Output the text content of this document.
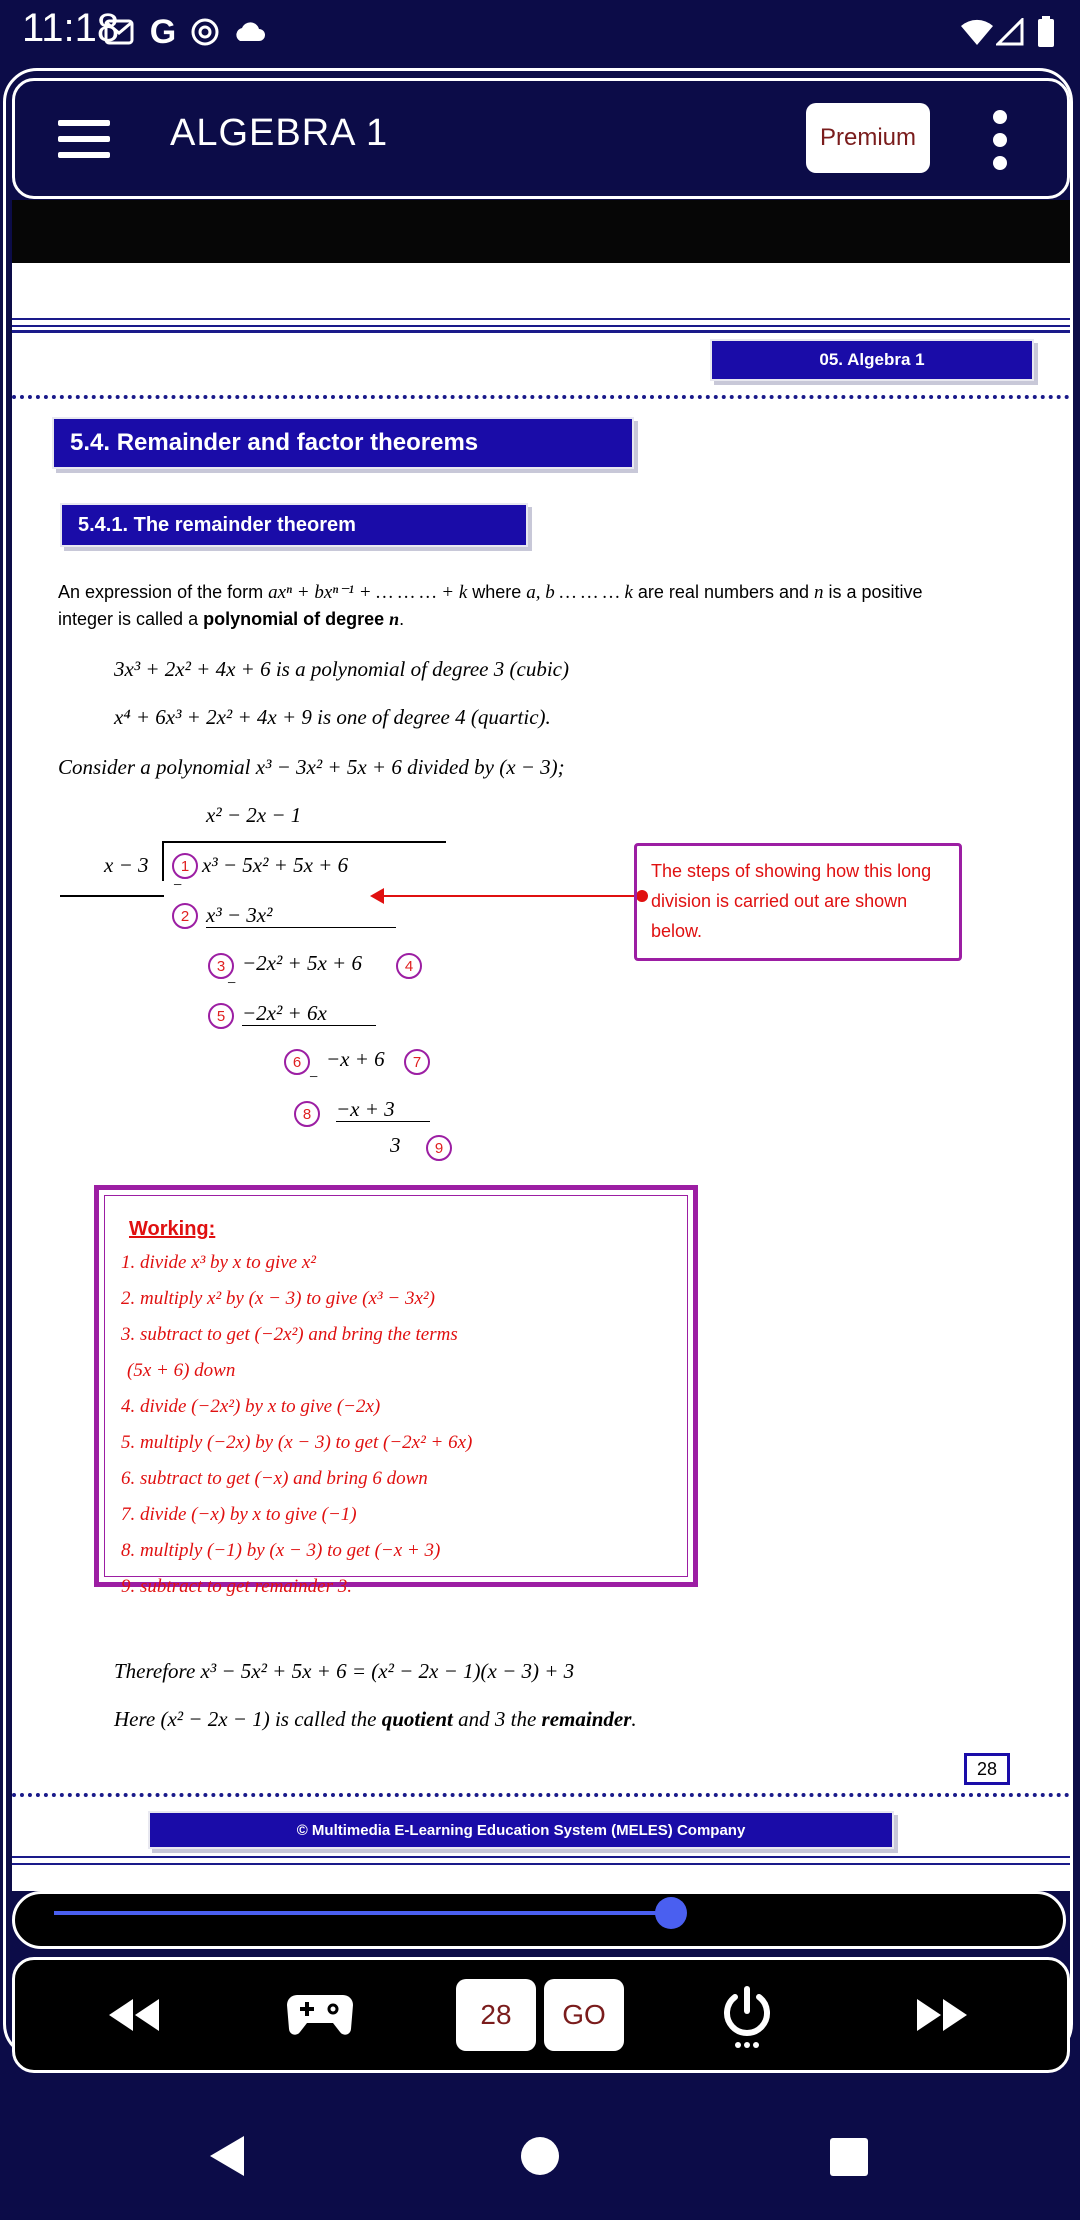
11:18 G
ALGEBRA 1	Premium
05. Algebra 1
5.4. Remainder and factor theorems
5.4.1. The remainder theorem
An expression of the form axⁿ + bxⁿ⁻¹ + … … … + k where a, b … … … k are real numbers and n is a positive
integer is called a polynomial of degree n.
3x³ + 2x² + 4x + 6 is a polynomial of degree 3 (cubic)
x⁴ + 6x³ + 2x² + 4x + 9 is one of degree 4 (quartic).
Consider a polynomial x³ − 3x² + 5x + 6 divided by (x − 3);
x² − 2x − 1
x − 3	x³ − 5x² + 5x + 6
1
−
2 x³ − 3x²
The steps of showing how this long division is carried out are shown below.
3 −2x² + 5x + 6	4
−
5 −2x² + 6x
6	−x + 6	7
−
8	−x + 3
3	9
Working:
1. divide x³ by x to give x²
2. multiply x² by (x − 3) to give (x³ − 3x²)
3. subtract to get (−2x²) and bring the terms
(5x + 6) down
4. divide (−2x²) by x to give (−2x)
5. multiply (−2x) by (x − 3) to get (−2x² + 6x)
6. subtract to get (−x) and bring 6 down
7. divide (−x) by x to give (−1)
8. multiply (−1) by (x − 3) to get (−x + 3)
9. subtract to get remainder 3.
Therefore x³ − 5x² + 5x + 6 = (x² − 2x − 1)(x − 3) + 3
Here (x² − 2x − 1) is called the quotient and 3 the remainder.
28
© Multimedia E-Learning Education System (MELES) Company
28	GO
